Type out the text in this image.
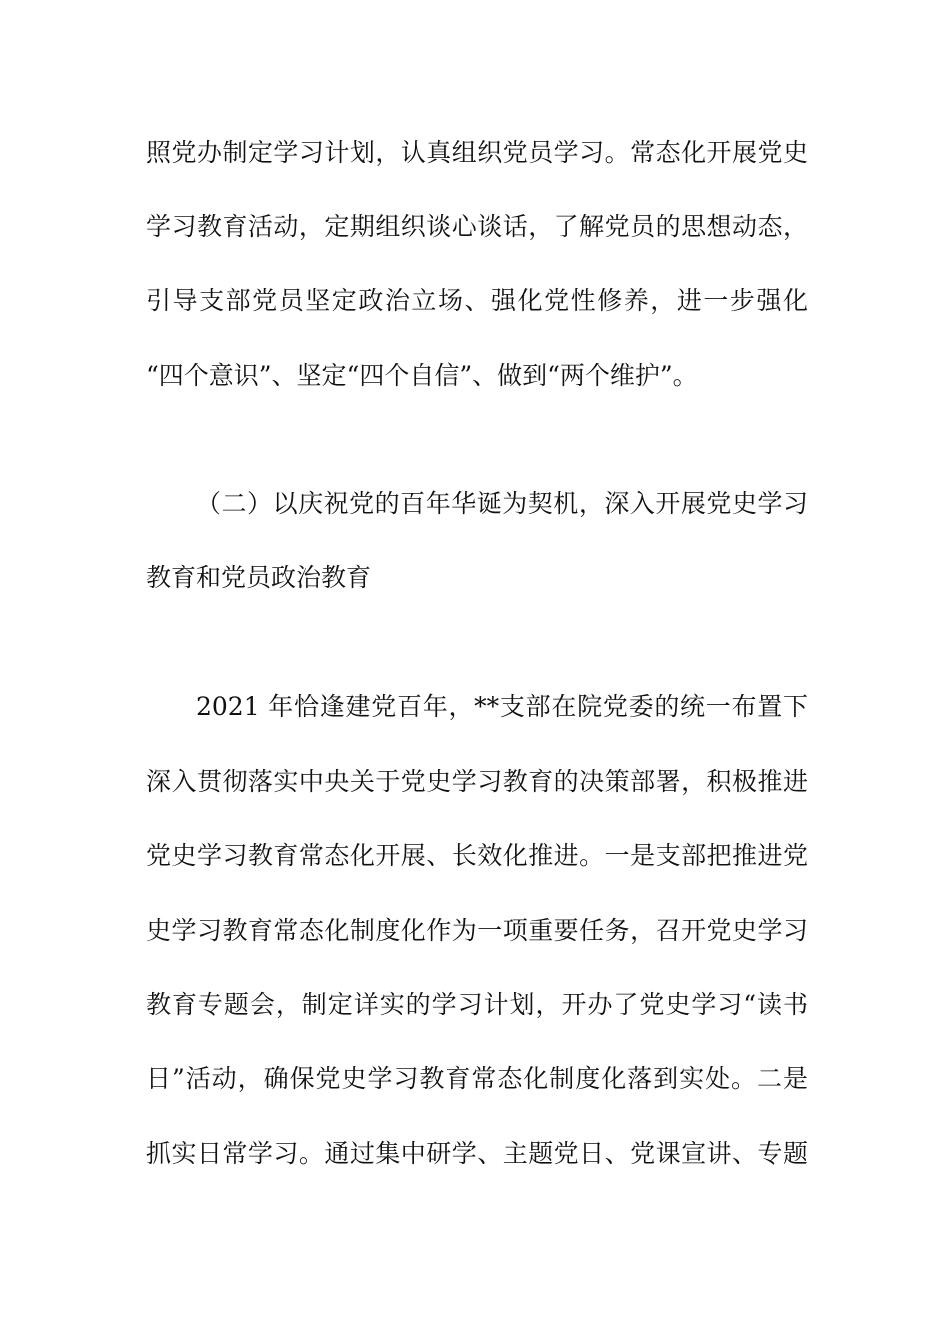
照党办制定学习计划，认真组织党员学习。常态化开展党史
学习教育活动，定期组织谈心谈话，了解党员的思想动态，
引导支部党员坚定政治立场、强化党性修养，进一步强化
“四个意识”、坚定“四个自信”、做到“两个维护”。
（二）以庆祝党的百年华诞为契机，深入开展党史学习
教育和党员政治教育
2021 年恰逢建党百年，**支部在院党委的统一布置下
深入贯彻落实中央关于党史学习教育的决策部署，积极推进
党史学习教育常态化开展、长效化推进。一是支部把推进党
史学习教育常态化制度化作为一项重要任务，召开党史学习
教育专题会，制定详实的学习计划，开办了党史学习“读书
日”活动，确保党史学习教育常态化制度化落到实处。二是
抓实日常学习。通过集中研学、主题党日、党课宣讲、专题
